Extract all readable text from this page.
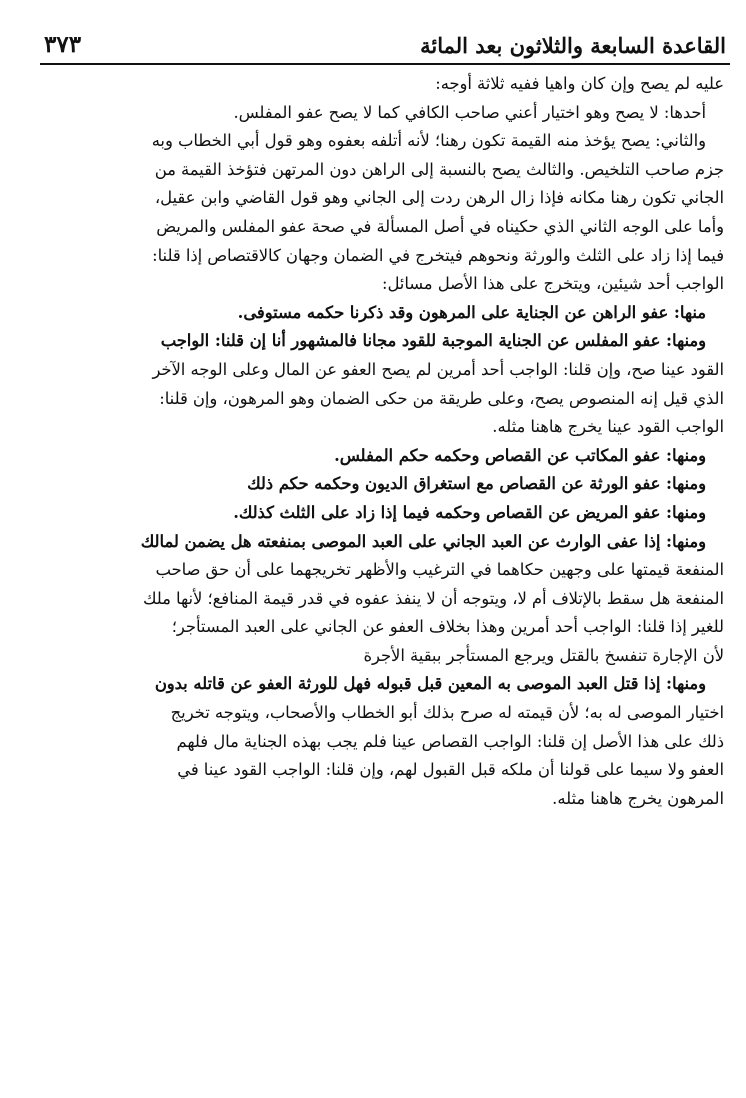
القاعدة السابعة والثلاثون بعد المائة
٣٧٣
عليه لم يصح وإن كان واهيا ففيه ثلاثة أوجه:
أحدها: لا يصح وهو اختيار أعني صاحب الكافي كما لا يصح عفو المفلس.
والثاني: يصح يؤخذ منه القيمة تكون رهنا؛ لأنه أتلفه بعفوه وهو قول أبي الخطاب وبه
جزم صاحب التلخيص. والثالث يصح بالنسبة إلى الراهن دون المرتهن فتؤخذ القيمة من
الجاني تكون رهنا مكانه فإذا زال الرهن ردت إلى الجاني وهو قول القاضي وابن عقيل،
وأما على الوجه الثاني الذي حكيناه في أصل المسألة في صحة عفو المفلس والمريض
فيما إذا زاد على الثلث والورثة ونحوهم فيتخرج في الضمان وجهان كالاقتصاص إذا قلنا:
الواجب أحد شيئين، ويتخرج على هذا الأصل مسائل:
منها: عفو الراهن عن الجناية على المرهون وقد ذكرنا حكمه مستوفى.
ومنها: عفو المفلس عن الجناية الموجبة للقود مجانا فالمشهور أنا إن قلنا: الواجب
القود عينا صح، وإن قلنا: الواجب أحد أمرين لم يصح العفو عن المال وعلى الوجه الآخر
الذي قيل إنه المنصوص يصح، وعلى طريقة من حكى الضمان وهو المرهون، وإن قلنا:
الواجب القود عينا يخرج هاهنا مثله.
ومنها: عفو المكاتب عن القصاص وحكمه حكم المفلس.
ومنها: عفو الورثة عن القصاص مع استغراق الديون وحكمه حكم ذلك
ومنها: عفو المريض عن القصاص وحكمه فيما إذا زاد على الثلث كذلك.
ومنها: إذا عفى الوارث عن العبد الجاني على العبد الموصى بمنفعته هل يضمن لمالك
المنفعة قيمتها على وجهين حكاهما في الترغيب والأظهر تخريجهما على أن حق صاحب
المنفعة هل سقط بالإتلاف أم لا، ويتوجه أن لا ينفذ عفوه في قدر قيمة المنافع؛ لأنها ملك
للغير إذا قلنا: الواجب أحد أمرين وهذا بخلاف العفو عن الجاني على العبد المستأجر؛
لأن الإجارة تنفسخ بالقتل ويرجع المستأجر ببقية الأجرة
ومنها: إذا قتل العبد الموصى به المعين قبل قبوله فهل للورثة العفو عن قاتله بدون
اختيار الموصى له به؛ لأن قيمته له صرح بذلك أبو الخطاب والأصحاب، ويتوجه تخريج
ذلك على هذا الأصل إن قلنا: الواجب القصاص عينا فلم يجب بهذه الجناية مال فلهم
العفو ولا سيما على قولنا أن ملكه قبل القبول لهم، وإن قلنا: الواجب القود عينا في
المرهون يخرج هاهنا مثله.
